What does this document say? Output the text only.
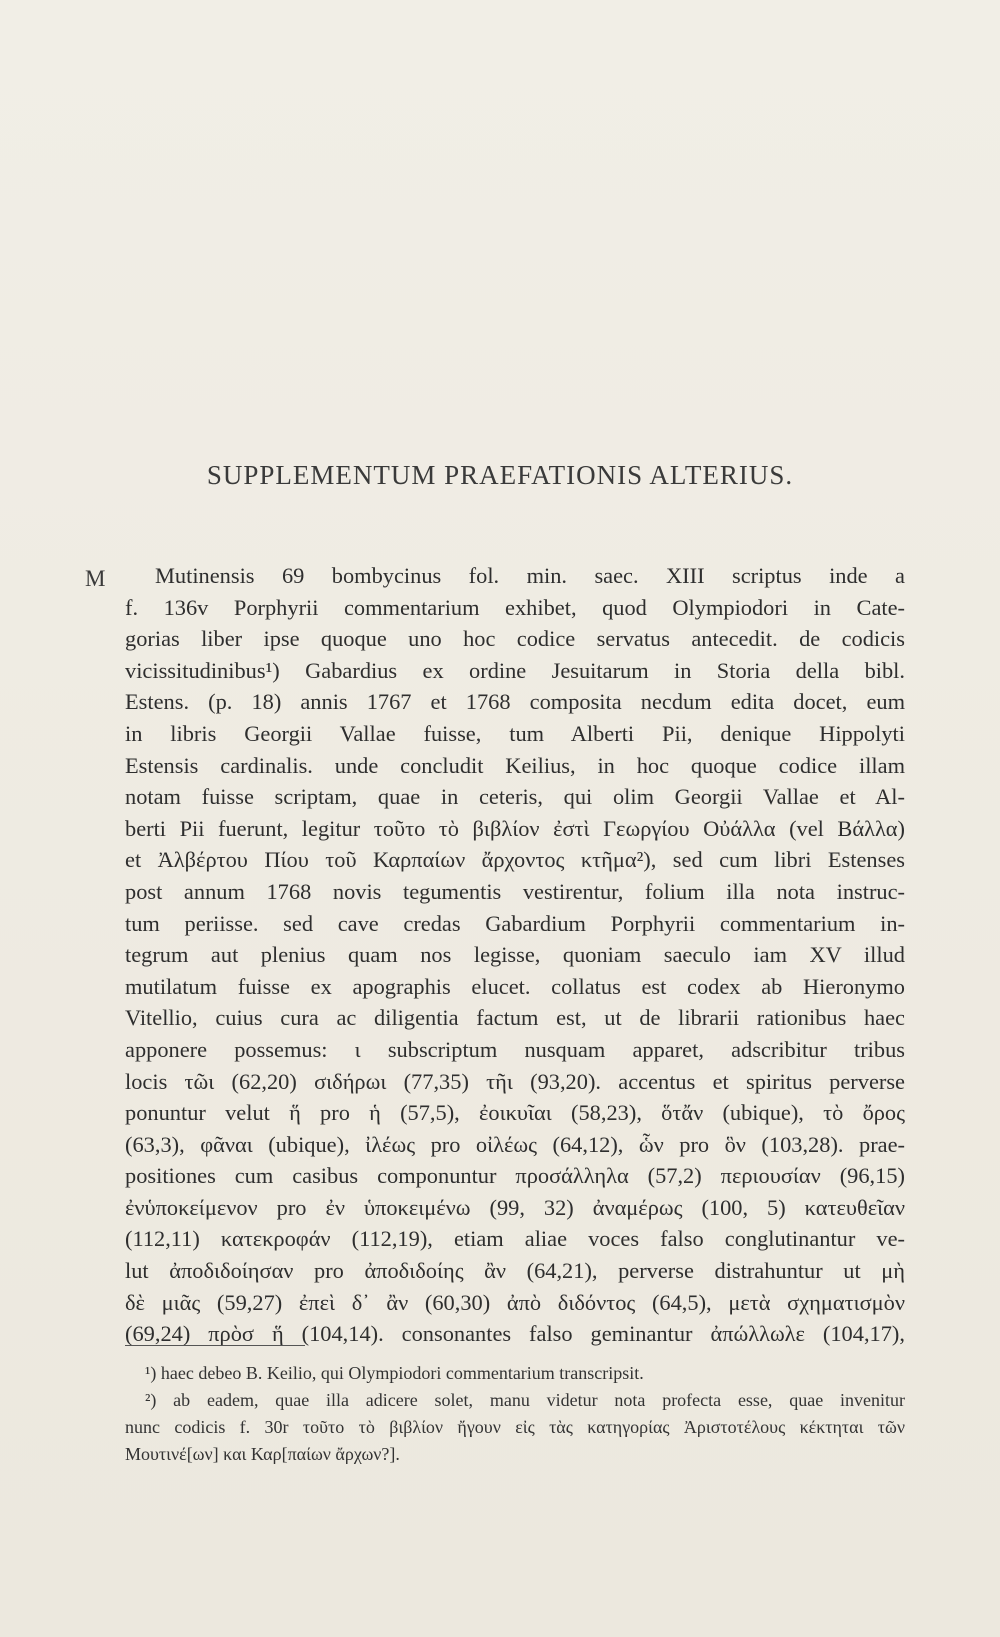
SUPPLEMENTUM PRAEFATIONIS ALTERIUS.
M	Mutinensis 69 bombycinus fol. min. saec. XIII scriptus inde a
f. 136v Porphyrii commentarium exhibet, quod Olympiodori in Cate-
gorias liber ipse quoque uno hoc codice servatus antecedit. de codicis
vicissitudinibus¹) Gabardius ex ordine Jesuitarum in Storia della bibl.
Estens. (p. 18) annis 1767 et 1768 composita necdum edita docet, eum
in libris Georgii Vallae fuisse, tum Alberti Pii, denique Hippolyti
Estensis cardinalis. unde concludit Keilius, in hoc quoque codice illam
notam fuisse scriptam, quae in ceteris, qui olim Georgii Vallae et Al-
berti Pii fuerunt, legitur τοῦτο τὸ βιβλίον ἐστὶ Γεωργίου Οὐάλλα (vel Βάλλα)
et Ἀλβέρτου Πίου τοῦ Καρπαίων ἄρχοντος κτῆμα²), sed cum libri Estenses
post annum 1768 novis tegumentis vestirentur, folium illa nota instruc-
tum periisse. sed cave credas Gabardium Porphyrii commentarium in-
tegrum aut plenius quam nos legisse, quoniam saeculo iam XV illud
mutilatum fuisse ex apographis elucet. collatus est codex ab Hieronymo
Vitellio, cuius cura ac diligentia factum est, ut de librarii rationibus haec
apponere possemus: ι subscriptum nusquam apparet, adscribitur tribus
locis τῶι (62,20) σιδήρωι (77,35) τῆι (93,20). accentus et spiritus perverse
ponuntur velut ἥ pro ἡ (57,5), ἐοικυῖαι (58,23), ὅτἄν (ubique), τὸ ὄρος
(63,3), φᾶναι (ubique), ἰλέως pro οἰλέως (64,12), ὧν pro ὃν (103,28). prae-
positiones cum casibus componuntur προσάλληλα (57,2) περιουσίαν (96,15)
ἐνὑποκείμενον pro ἐν ὑποκειμένω (99, 32) ἀναμέρως (100, 5) κατευθεῖαν
(112,11) κατεκροφάν (112,19), etiam aliae voces falso conglutinantur ve-
lut ἀποδιδοίησαν pro ἀποδιδοίης ἂν (64,21), perverse distrahuntur ut μὴ
δὲ μιᾶς (59,27) ἐπεὶ δ᾽ ἂν (60,30) ἀπὸ διδόντος (64,5), μετὰ σχηματισμὸν
(69,24) πρὸσ ἥ (104,14). consonantes falso geminantur ἀπώλλωλε (104,17),
¹) haec debeo B. Keilio, qui Olympiodori commentarium transcripsit.
²) ab eadem, quae illa adicere solet, manu videtur nota profecta esse, quae invenitur
nunc codicis f. 30r τοῦτο τὸ βιβλίον ἤγουν εἰς τὰς κατηγορίας Ἀριστοτέλους κέκτηται τῶν
Μουτινέ[ων] και Καρ[παίων ἄρχων?].
